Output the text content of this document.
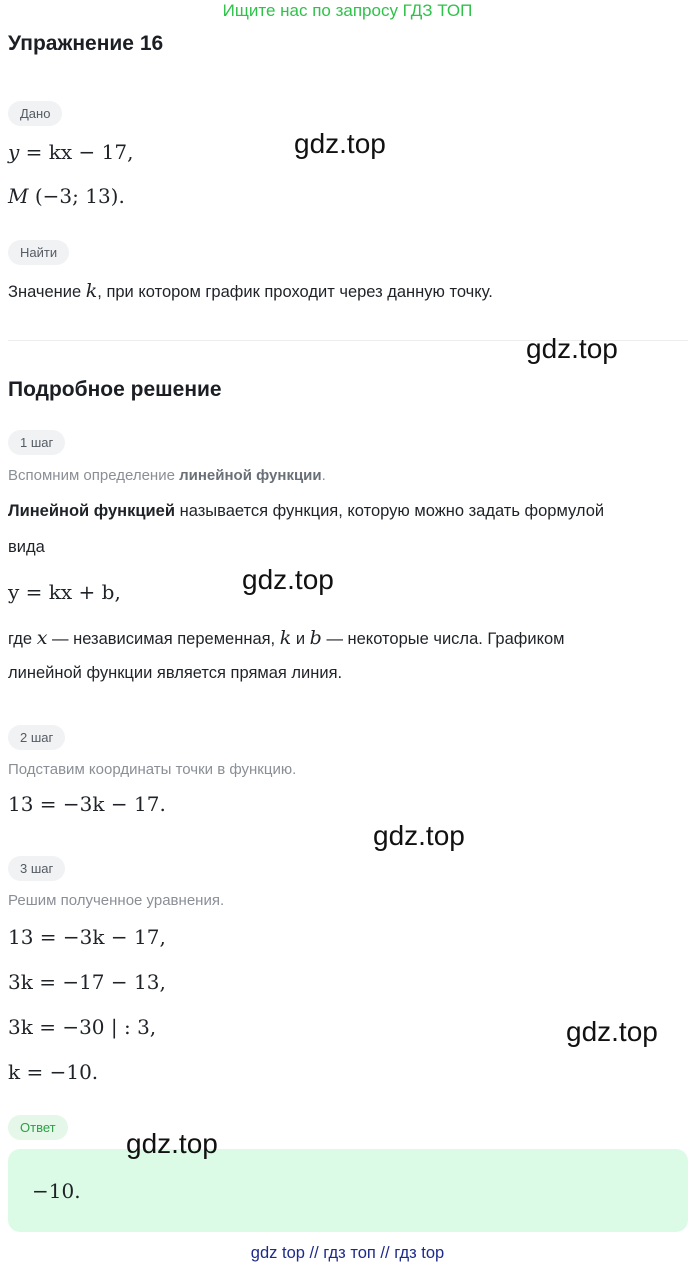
Ищите нас по запросу ГДЗ ТОП
Упражнение 16
Дано
y = kx − 17,
M (−3; 13).
Найти
Значение k, при котором график проходит через данную точку.
Подробное решение
1 шаг
Вспомним определение линейной функции.
Линейной функцией называется функция, которую можно задать формулой
вида
y = kx + b,
где x — независимая переменная, k и b — некоторые числа. Графиком
линейной функции является прямая линия.
2 шаг
Подставим координаты точки в функцию.
13 = −3k − 17.
3 шаг
Решим полученное уравнения.
13 = −3k − 17,
3k = −17 − 13,
3k = −30 | : 3,
k = −10.
Ответ
−10.
gdz.top
gdz.top
gdz.top
gdz.top
gdz.top
gdz.top
gdz top // гдз топ // гдз top
